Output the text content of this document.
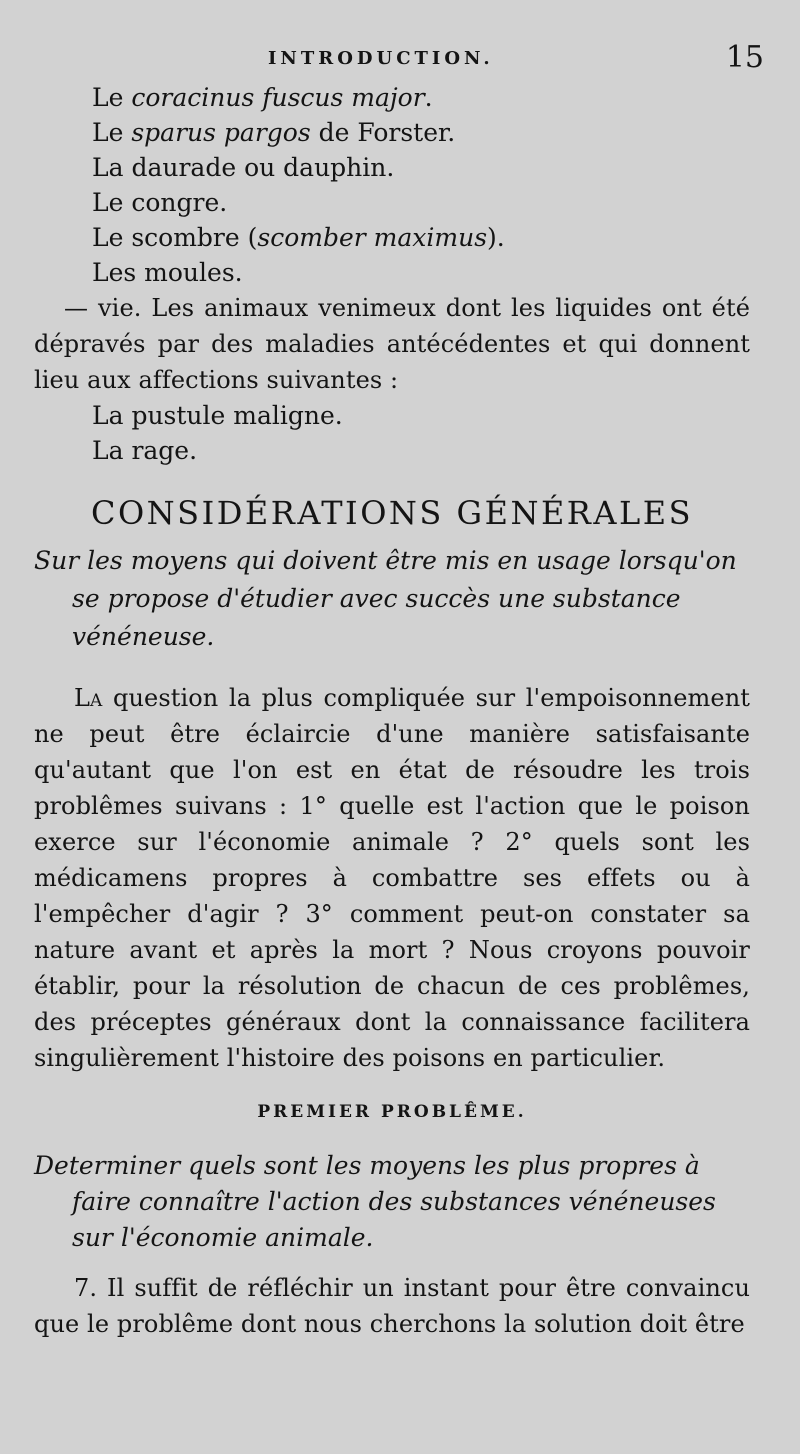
INTRODUCTION.	15
Le coracinus fuscus major.
Le sparus pargos de Forster.
La daurade ou dauphin.
Le congre.
Le scombre (scomber maximus).
Les moules.
— vie. Les animaux venimeux dont les liquides ont été dépravés par des maladies antécédentes et qui donnent lieu aux affections suivantes :
La pustule maligne.
La rage.
CONSIDÉRATIONS GÉNÉRALES
Sur les moyens qui doivent être mis en usage lorsqu'on se propose d'étudier avec succès une substance vénéneuse.
La question la plus compliquée sur l'empoisonnement ne peut être éclaircie d'une manière satisfaisante qu'autant que l'on est en état de résoudre les trois problêmes suivans : 1° quelle est l'action que le poison exerce sur l'économie animale ? 2° quels sont les médicamens propres à combattre ses effets ou à l'empêcher d'agir ? 3° comment peut-on constater sa nature avant et après la mort ? Nous croyons pouvoir établir, pour la résolution de chacun de ces problêmes, des préceptes généraux dont la connaissance facilitera singulièrement l'histoire des poisons en particulier.
PREMIER PROBLÊME.
Determiner quels sont les moyens les plus propres à faire connaître l'action des substances vénéneuses sur l'économie animale.
7. Il suffit de réfléchir un instant pour être convaincu que le problême dont nous cherchons la solution doit être
